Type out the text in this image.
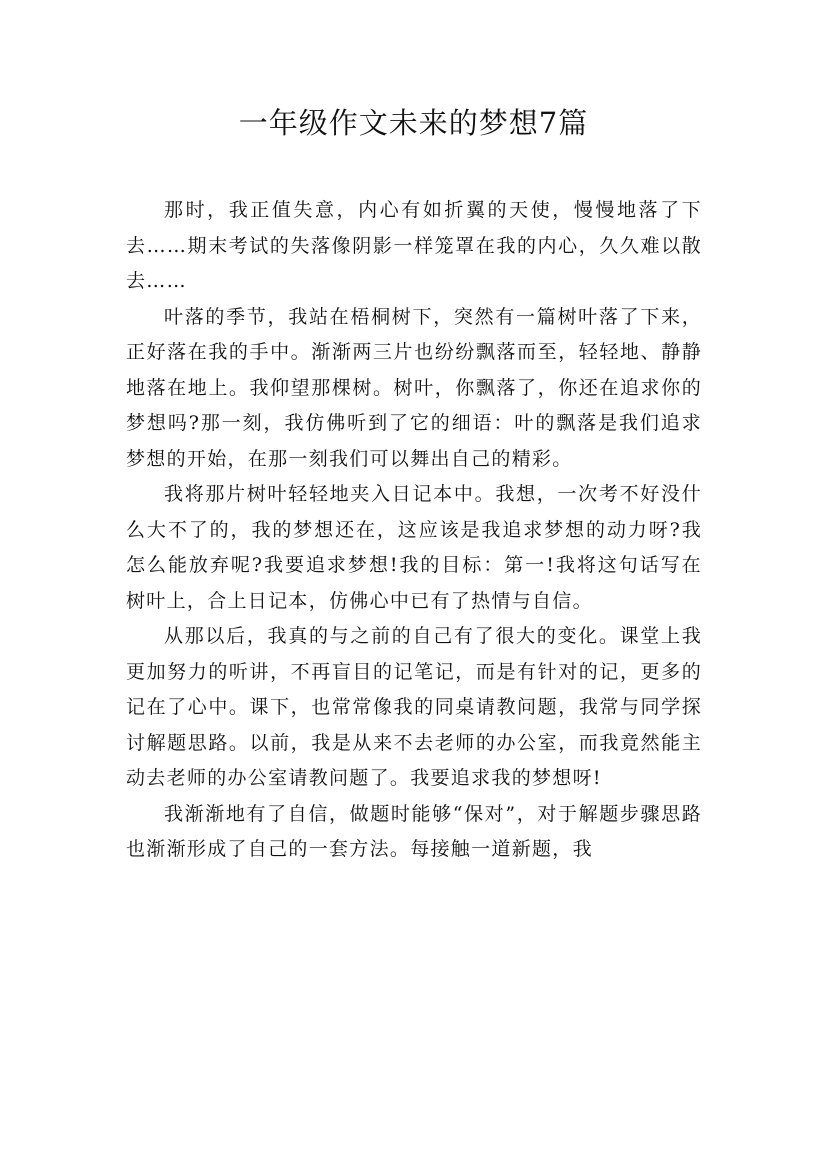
一年级作文未来的梦想7篇

那时，我正值失意，内心有如折翼的天使，慢慢地落了下去……期末考试的失落像阴影一样笼罩在我的内心，久久难以散去……

叶落的季节，我站在梧桐树下，突然有一篇树叶落了下来，正好落在我的手中。渐渐两三片也纷纷飘落而至，轻轻地、静静地落在地上。我仰望那棵树。树叶，你飘落了，你还在追求你的梦想吗?那一刻，我仿佛听到了它的细语：叶的飘落是我们追求梦想的开始，在那一刻我们可以舞出自己的精彩。

我将那片树叶轻轻地夹入日记本中。我想，一次考不好没什么大不了的，我的梦想还在，这应该是我追求梦想的动力呀?我怎么能放弃呢?我要追求梦想!我的目标：第一!我将这句话写在树叶上，合上日记本，仿佛心中已有了热情与自信。

从那以后，我真的与之前的自己有了很大的变化。课堂上我更加努力的听讲，不再盲目的记笔记，而是有针对的记，更多的记在了心中。课下，也常常像我的同桌请教问题，我常与同学探讨解题思路。以前，我是从来不去老师的办公室，而我竟然能主动去老师的办公室请教问题了。我要追求我的梦想呀!

我渐渐地有了自信，做题时能够“保对”，对于解题步骤思路也渐渐形成了自己的一套方法。每接触一道新题，我
